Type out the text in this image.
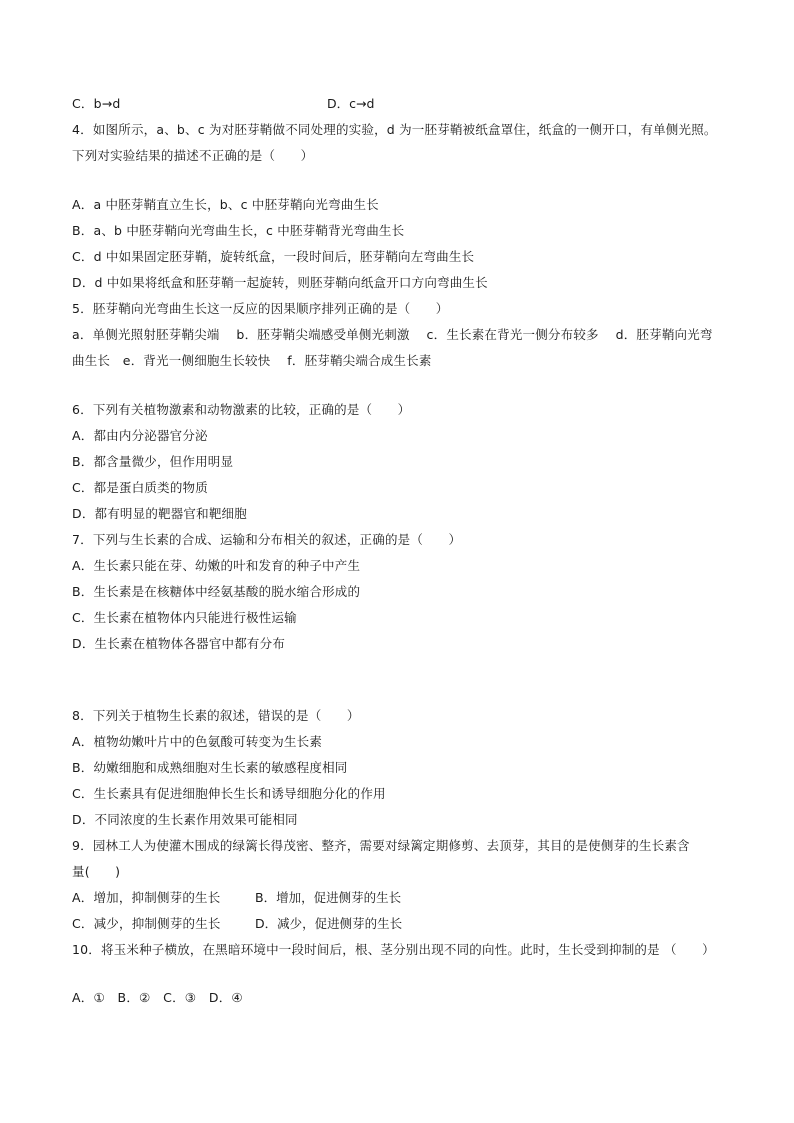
C．b→d	D．c→d
4．如图所示，a、b、c 为对胚芽鞘做不同处理的实验，d 为一胚芽鞘被纸盒罩住，纸盒的一侧开口，有单侧光照。
下列对实验结果的描述不正确的是（　　）
A．a 中胚芽鞘直立生长，b、c 中胚芽鞘向光弯曲生长
B．a、b 中胚芽鞘向光弯曲生长，c 中胚芽鞘背光弯曲生长
C．d 中如果固定胚芽鞘，旋转纸盒，一段时间后，胚芽鞘向左弯曲生长
D．d 中如果将纸盒和胚芽鞘一起旋转，则胚芽鞘向纸盒开口方向弯曲生长
5．胚芽鞘向光弯曲生长这一反应的因果顺序排列正确的是（　　）
a．单侧光照射胚芽鞘尖端　 b．胚芽鞘尖端感受单侧光刺激　 c．生长素在背光一侧分布较多　 d．胚芽鞘向光弯
曲生长　e．背光一侧细胞生长较快　 f．胚芽鞘尖端合成生长素
6．下列有关植物激素和动物激素的比较，正确的是（　　）
A．都由内分泌器官分泌
B．都含量微少，但作用明显
C．都是蛋白质类的物质
D．都有明显的靶器官和靶细胞
7．下列与生长素的合成、运输和分布相关的叙述，正确的是（　　）
A．生长素只能在芽、幼嫩的叶和发育的种子中产生
B．生长素是在核糖体中经氨基酸的脱水缩合形成的
C．生长素在植物体内只能进行极性运输
D．生长素在植物体各器官中都有分布
8．下列关于植物生长素的叙述，错误的是（　　）
A．植物幼嫩叶片中的色氨酸可转变为生长素
B．幼嫩细胞和成熟细胞对生长素的敏感程度相同
C．生长素具有促进细胞伸长生长和诱导细胞分化的作用
D．不同浓度的生长素作用效果可能相同
9．园林工人为使灌木围成的绿篱长得茂密、整齐，需要对绿篱定期修剪、去顶芽，其目的是使侧芽的生长素含
量(　　)
A．增加，抑制侧芽的生长	B．增加，促进侧芽的生长
C．减少，抑制侧芽的生长	D．减少，促进侧芽的生长
10．将玉米种子横放，在黑暗环境中一段时间后，根、茎分别出现不同的向性。此时，生长受到抑制的是 （　　）
A．①　B．②　C．③　D．④
